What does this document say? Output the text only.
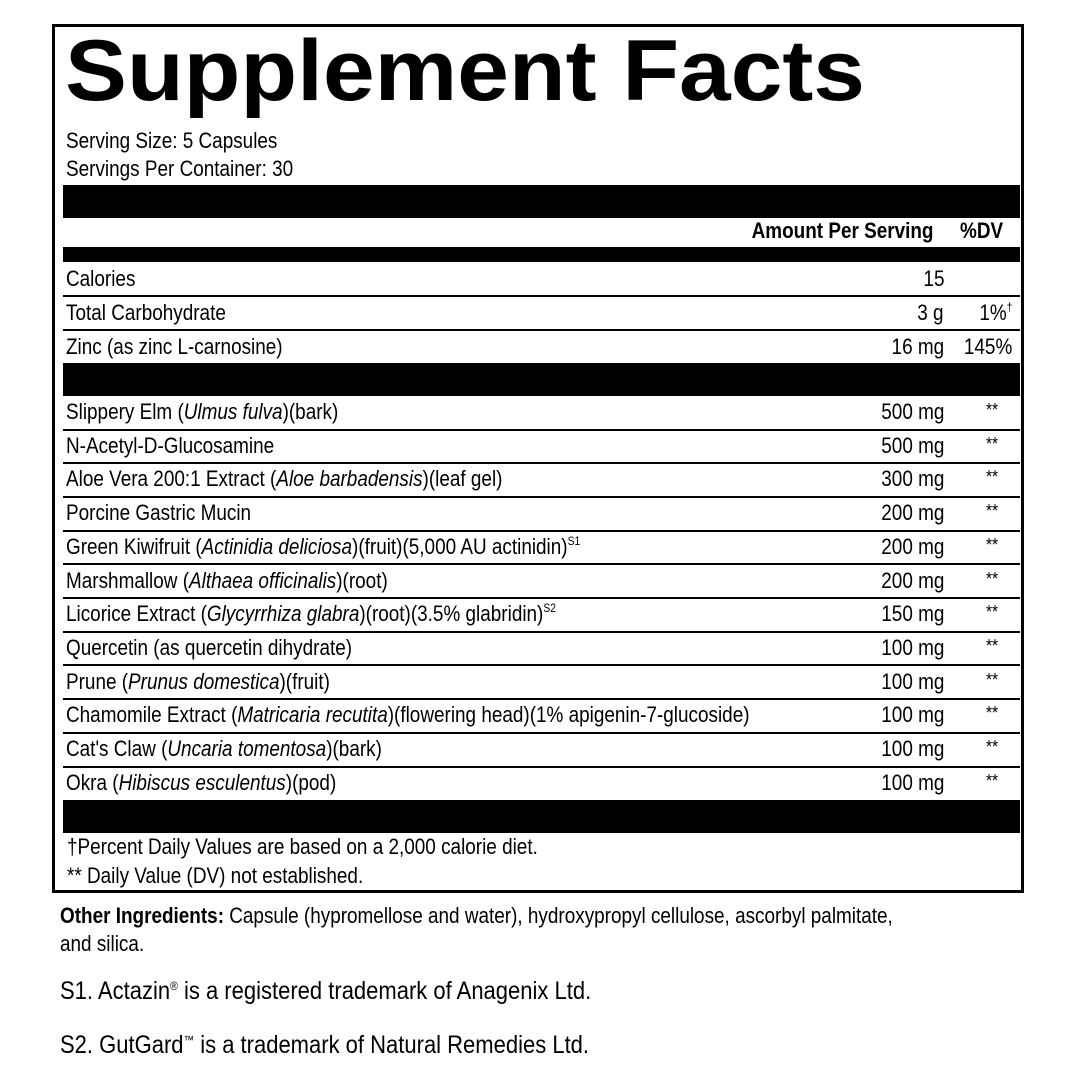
Supplement Facts
Serving Size: 5 Capsules
Servings Per Container: 30
Amount Per Serving %DV
Calories	15
Total Carbohydrate	3 g 1%†
Zinc (as zinc L-carnosine)	16 mg 145%
Slippery Elm (Ulmus fulva)(bark)	500 mg **
N-Acetyl-D-Glucosamine	500 mg **
Aloe Vera 200:1 Extract (Aloe barbadensis)(leaf gel)	300 mg **
Porcine Gastric Mucin	200 mg **
Green Kiwifruit (Actinidia deliciosa)(fruit)(5,000 AU actinidin)$^{S1}$	200 mg **
Marshmallow (Althaea officinalis)(root)	200 mg **
Licorice Extract (Glycyrrhiza glabra)(root)(3.5% glabridin)$^{S2}$	150 mg **
Quercetin (as quercetin dihydrate)	100 mg **
Prune (Prunus domestica)(fruit)	100 mg **
Chamomile Extract (Matricaria recutita)(flowering head)(1% apigenin-7-glucoside)	100 mg **
Cat's Claw (Uncaria tomentosa)(bark)	100 mg **
Okra (Hibiscus esculentus)(pod)	100 mg **
†Percent Daily Values are based on a 2,000 calorie diet.
** Daily Value (DV) not established.
Other Ingredients: Capsule (hypromellose and water), hydroxypropyl cellulose, ascorbyl palmitate, and silica.
S1. Actazin® is a registered trademark of Anagenix Ltd.
S2. GutGard™ is a trademark of Natural Remedies Ltd.
